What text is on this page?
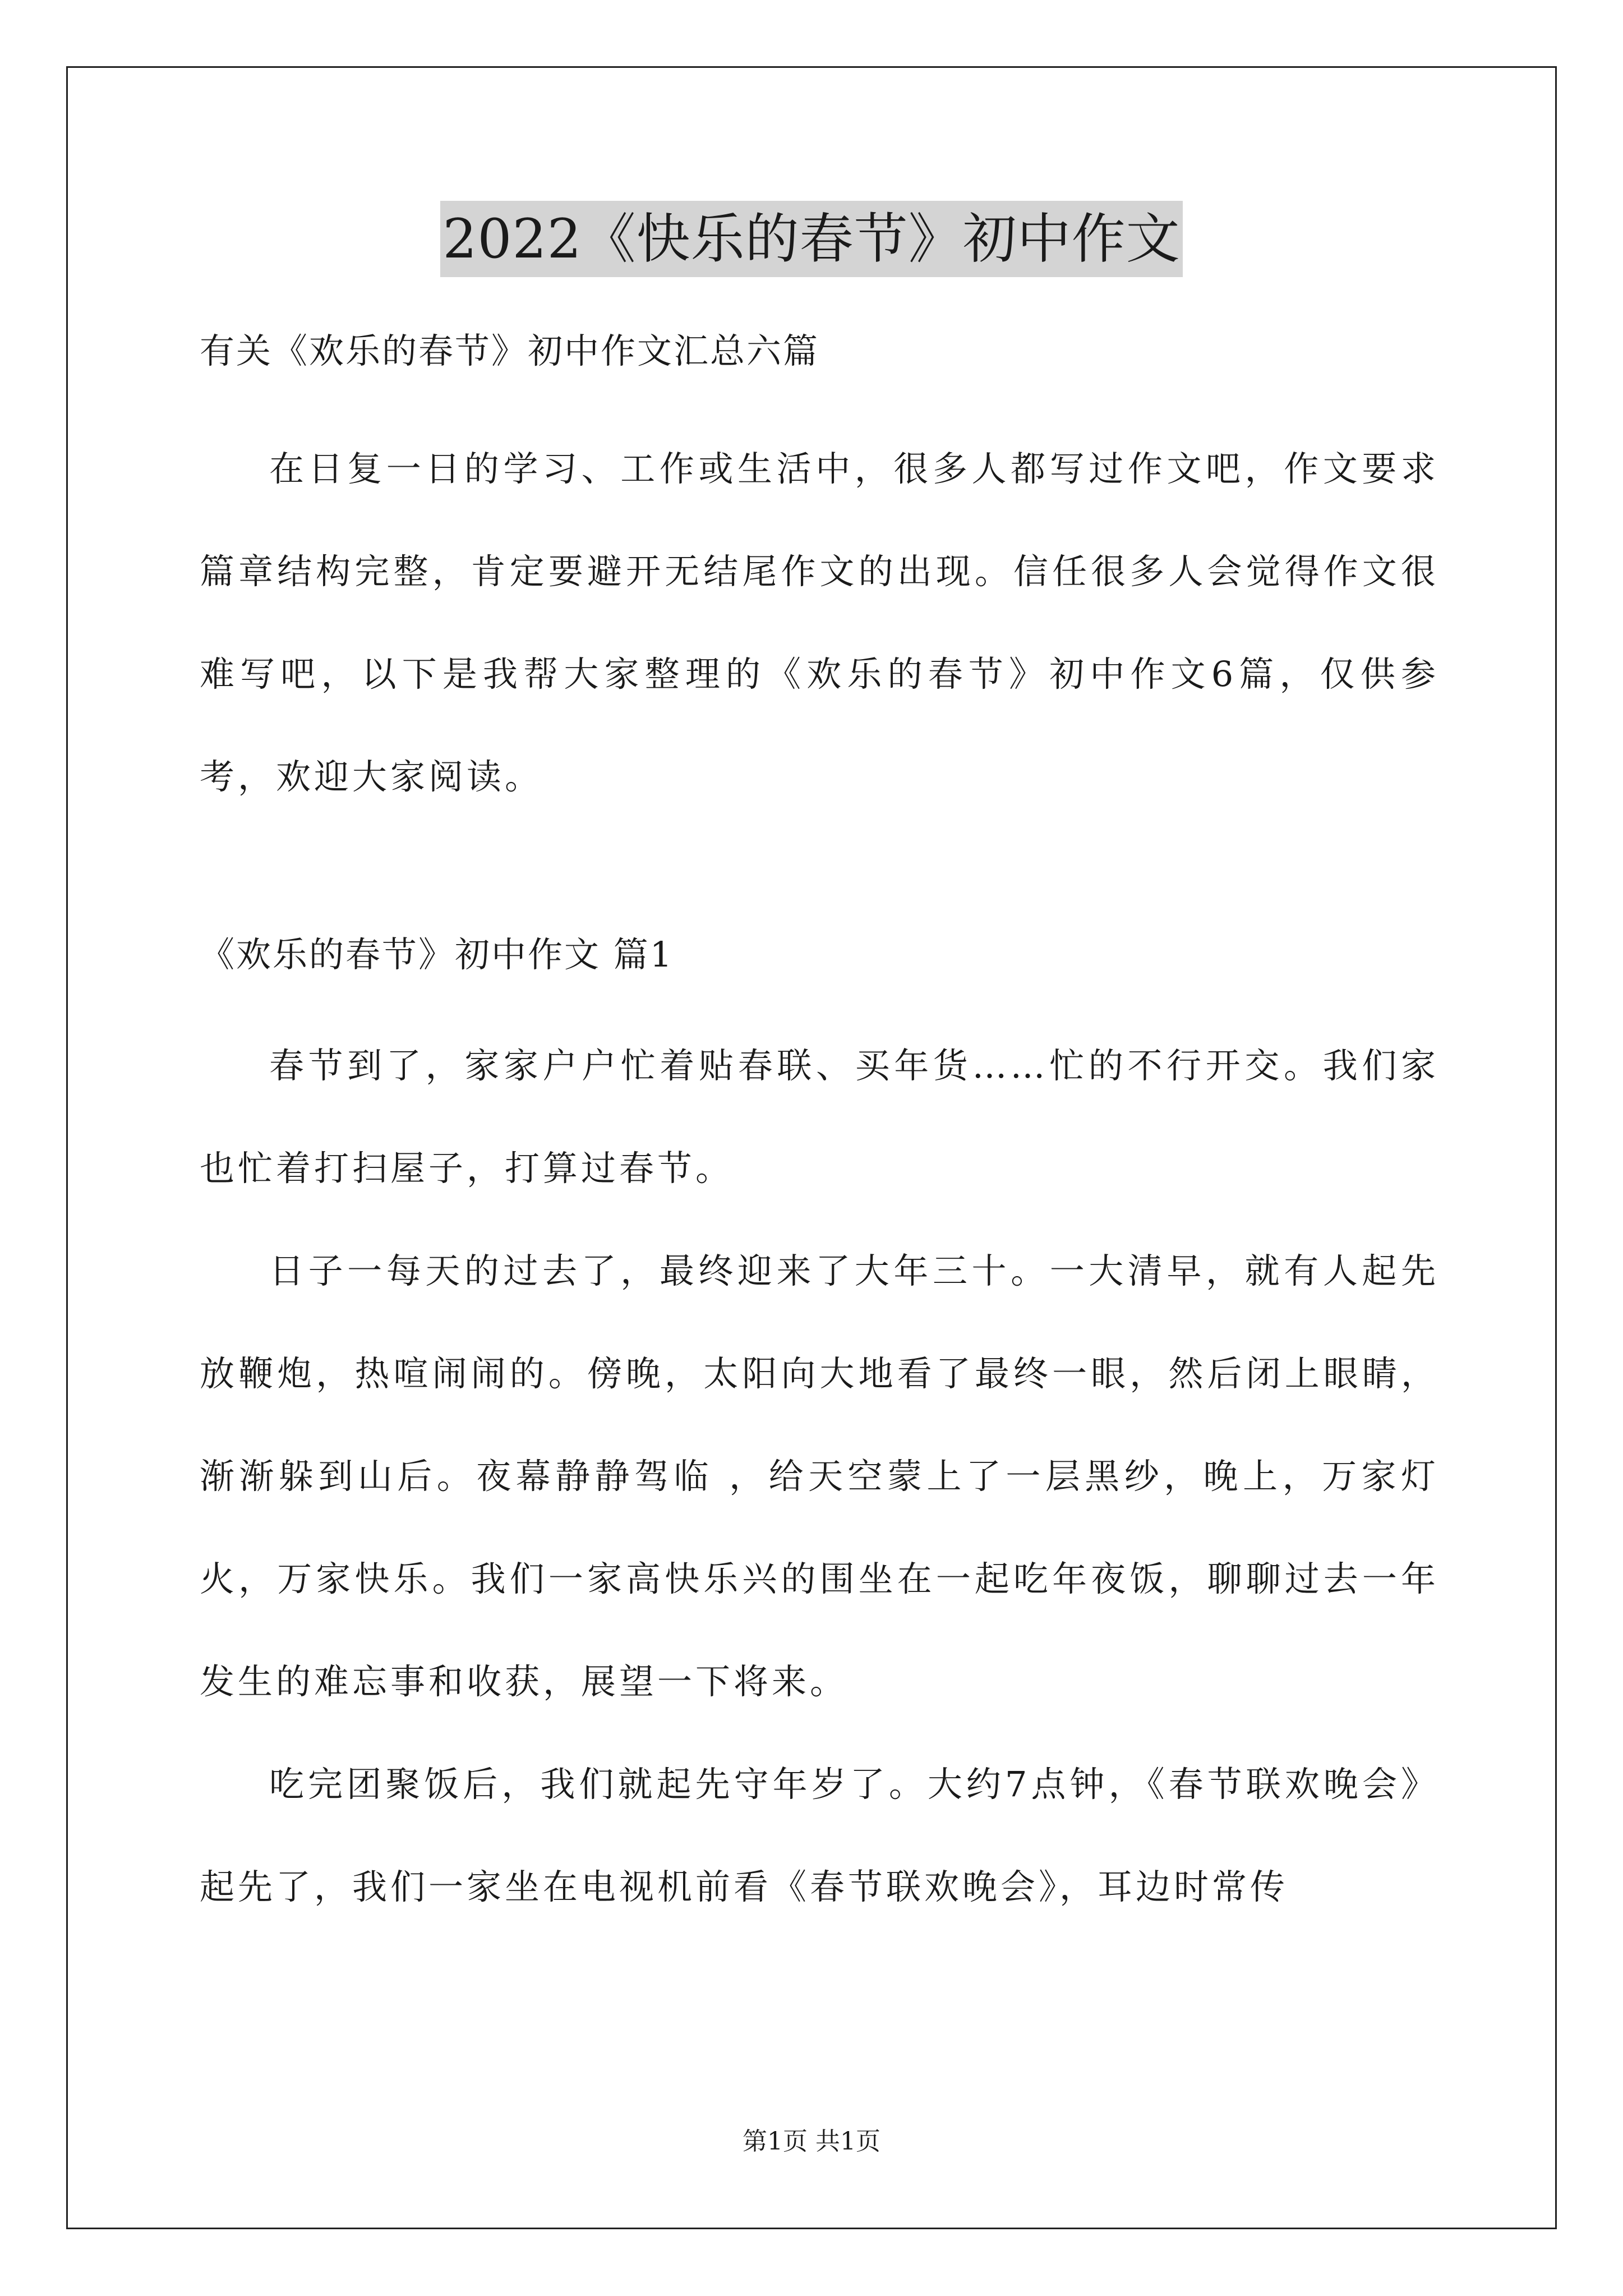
2022《快乐的春节》初中作文

有关《欢乐的春节》初中作文汇总六篇

在日复一日的学习、工作或生活中，很多人都写过作文吧，作文要求篇章结构完整，肯定要避开无结尾作文的出现。信任很多人会觉得作文很难写吧，以下是我帮大家整理的《欢乐的春节》初中作文6篇，仅供参考，欢迎大家阅读。

《欢乐的春节》初中作文 篇1

春节到了，家家户户忙着贴春联、买年货……忙的不行开交。我们家也忙着打扫屋子，打算过春节。

日子一每天的过去了，最终迎来了大年三十。一大清早，就有人起先放鞭炮，热喧闹闹的。傍晚，太阳向大地看了最终一眼，然后闭上眼睛，渐渐躲到山后。夜幕静静驾临 ，给天空蒙上了一层黑纱，晚上，万家灯火，万家快乐。我们一家高快乐兴的围坐在一起吃年夜饭，聊聊过去一年发生的难忘事和收获，展望一下将来。

吃完团聚饭后，我们就起先守年岁了。大约7点钟，《春节联欢晚会》起先了，我们一家坐在电视机前看《春节联欢晚会》，耳边时常传

第1页 共1页
